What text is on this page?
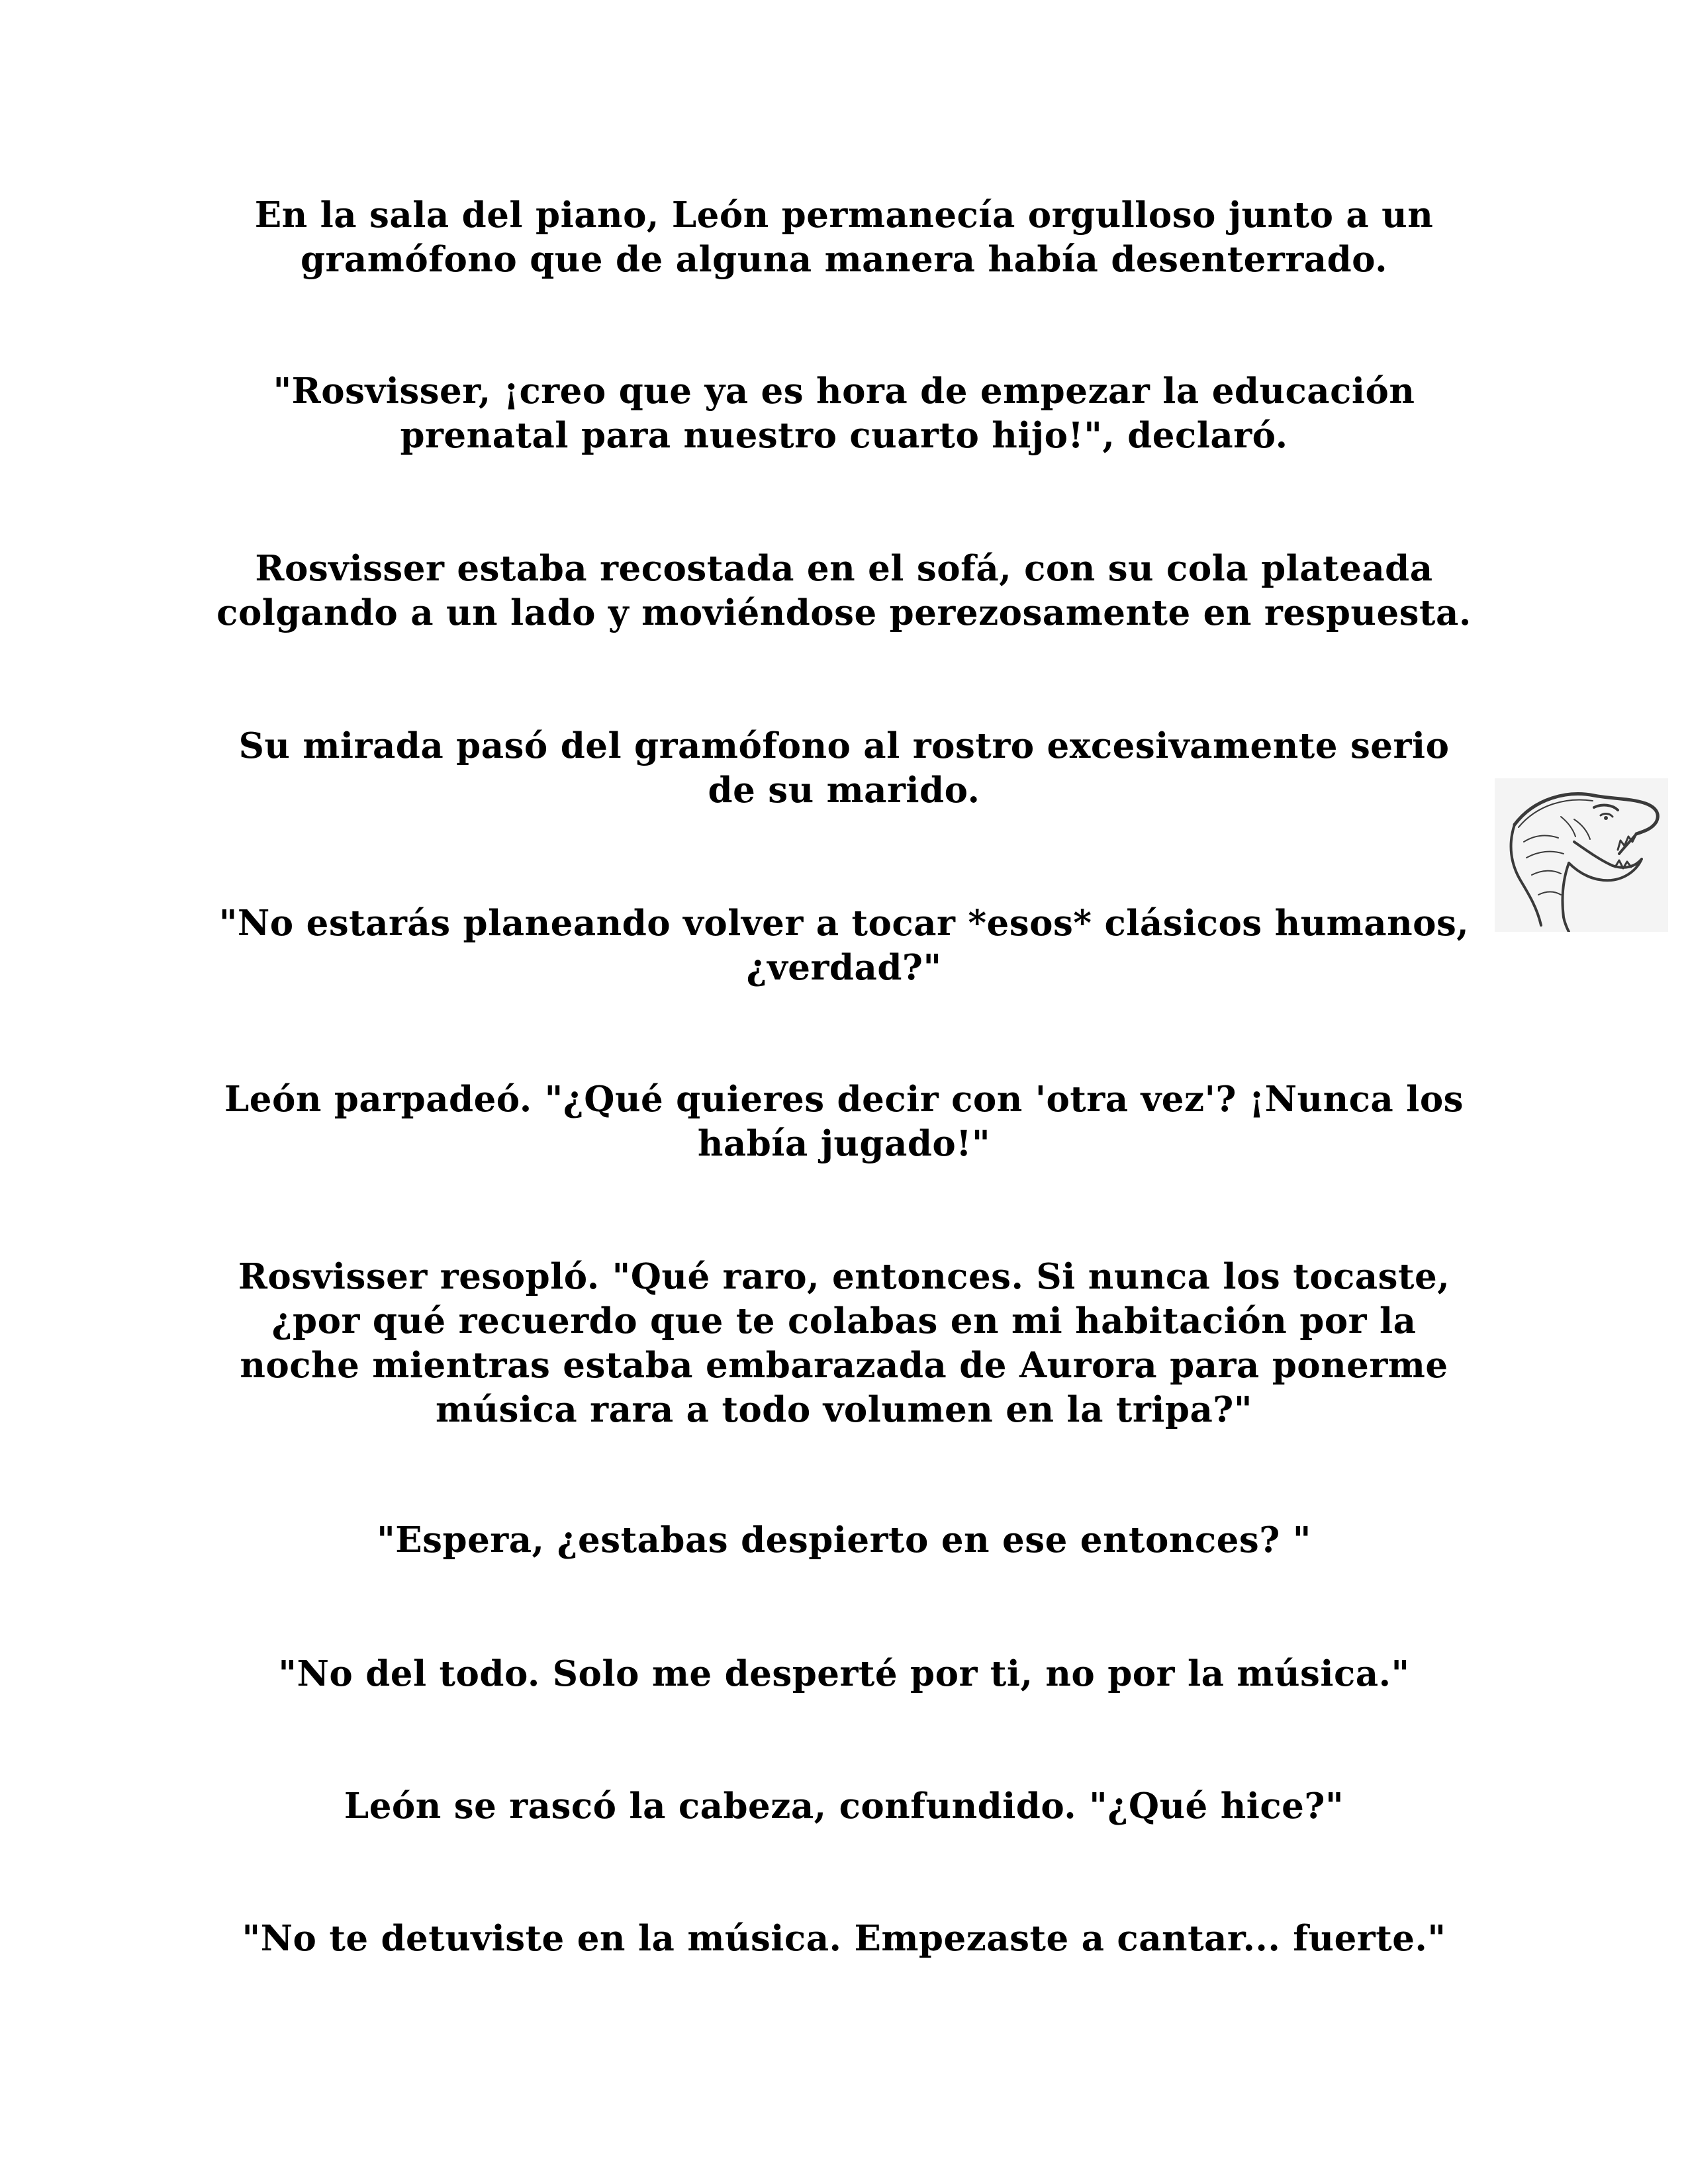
En la sala del piano, León permanecía orgulloso junto a un
gramófono que de alguna manera había desenterrado.

"Rosvisser, ¡creo que ya es hora de empezar la educación
prenatal para nuestro cuarto hijo!", declaró.

Rosvisser estaba recostada en el sofá, con su cola plateada
colgando a un lado y moviéndose perezosamente en respuesta.

Su mirada pasó del gramófono al rostro excesivamente serio
de su marido.

"No estarás planeando volver a tocar *esos* clásicos humanos,
¿verdad?"

León parpadeó. "¿Qué quieres decir con 'otra vez'? ¡Nunca los
había jugado!"

Rosvisser resopló. "Qué raro, entonces. Si nunca los tocaste,
¿por qué recuerdo que te colabas en mi habitación por la
noche mientras estaba embarazada de Aurora para ponerme
música rara a todo volumen en la tripa?"

"Espera, ¿estabas despierto en ese entonces? "

"No del todo. Solo me desperté por ti, no por la música."

León se rascó la cabeza, confundido. "¿Qué hice?"

"No te detuviste en la música. Empezaste a cantar... fuerte."
